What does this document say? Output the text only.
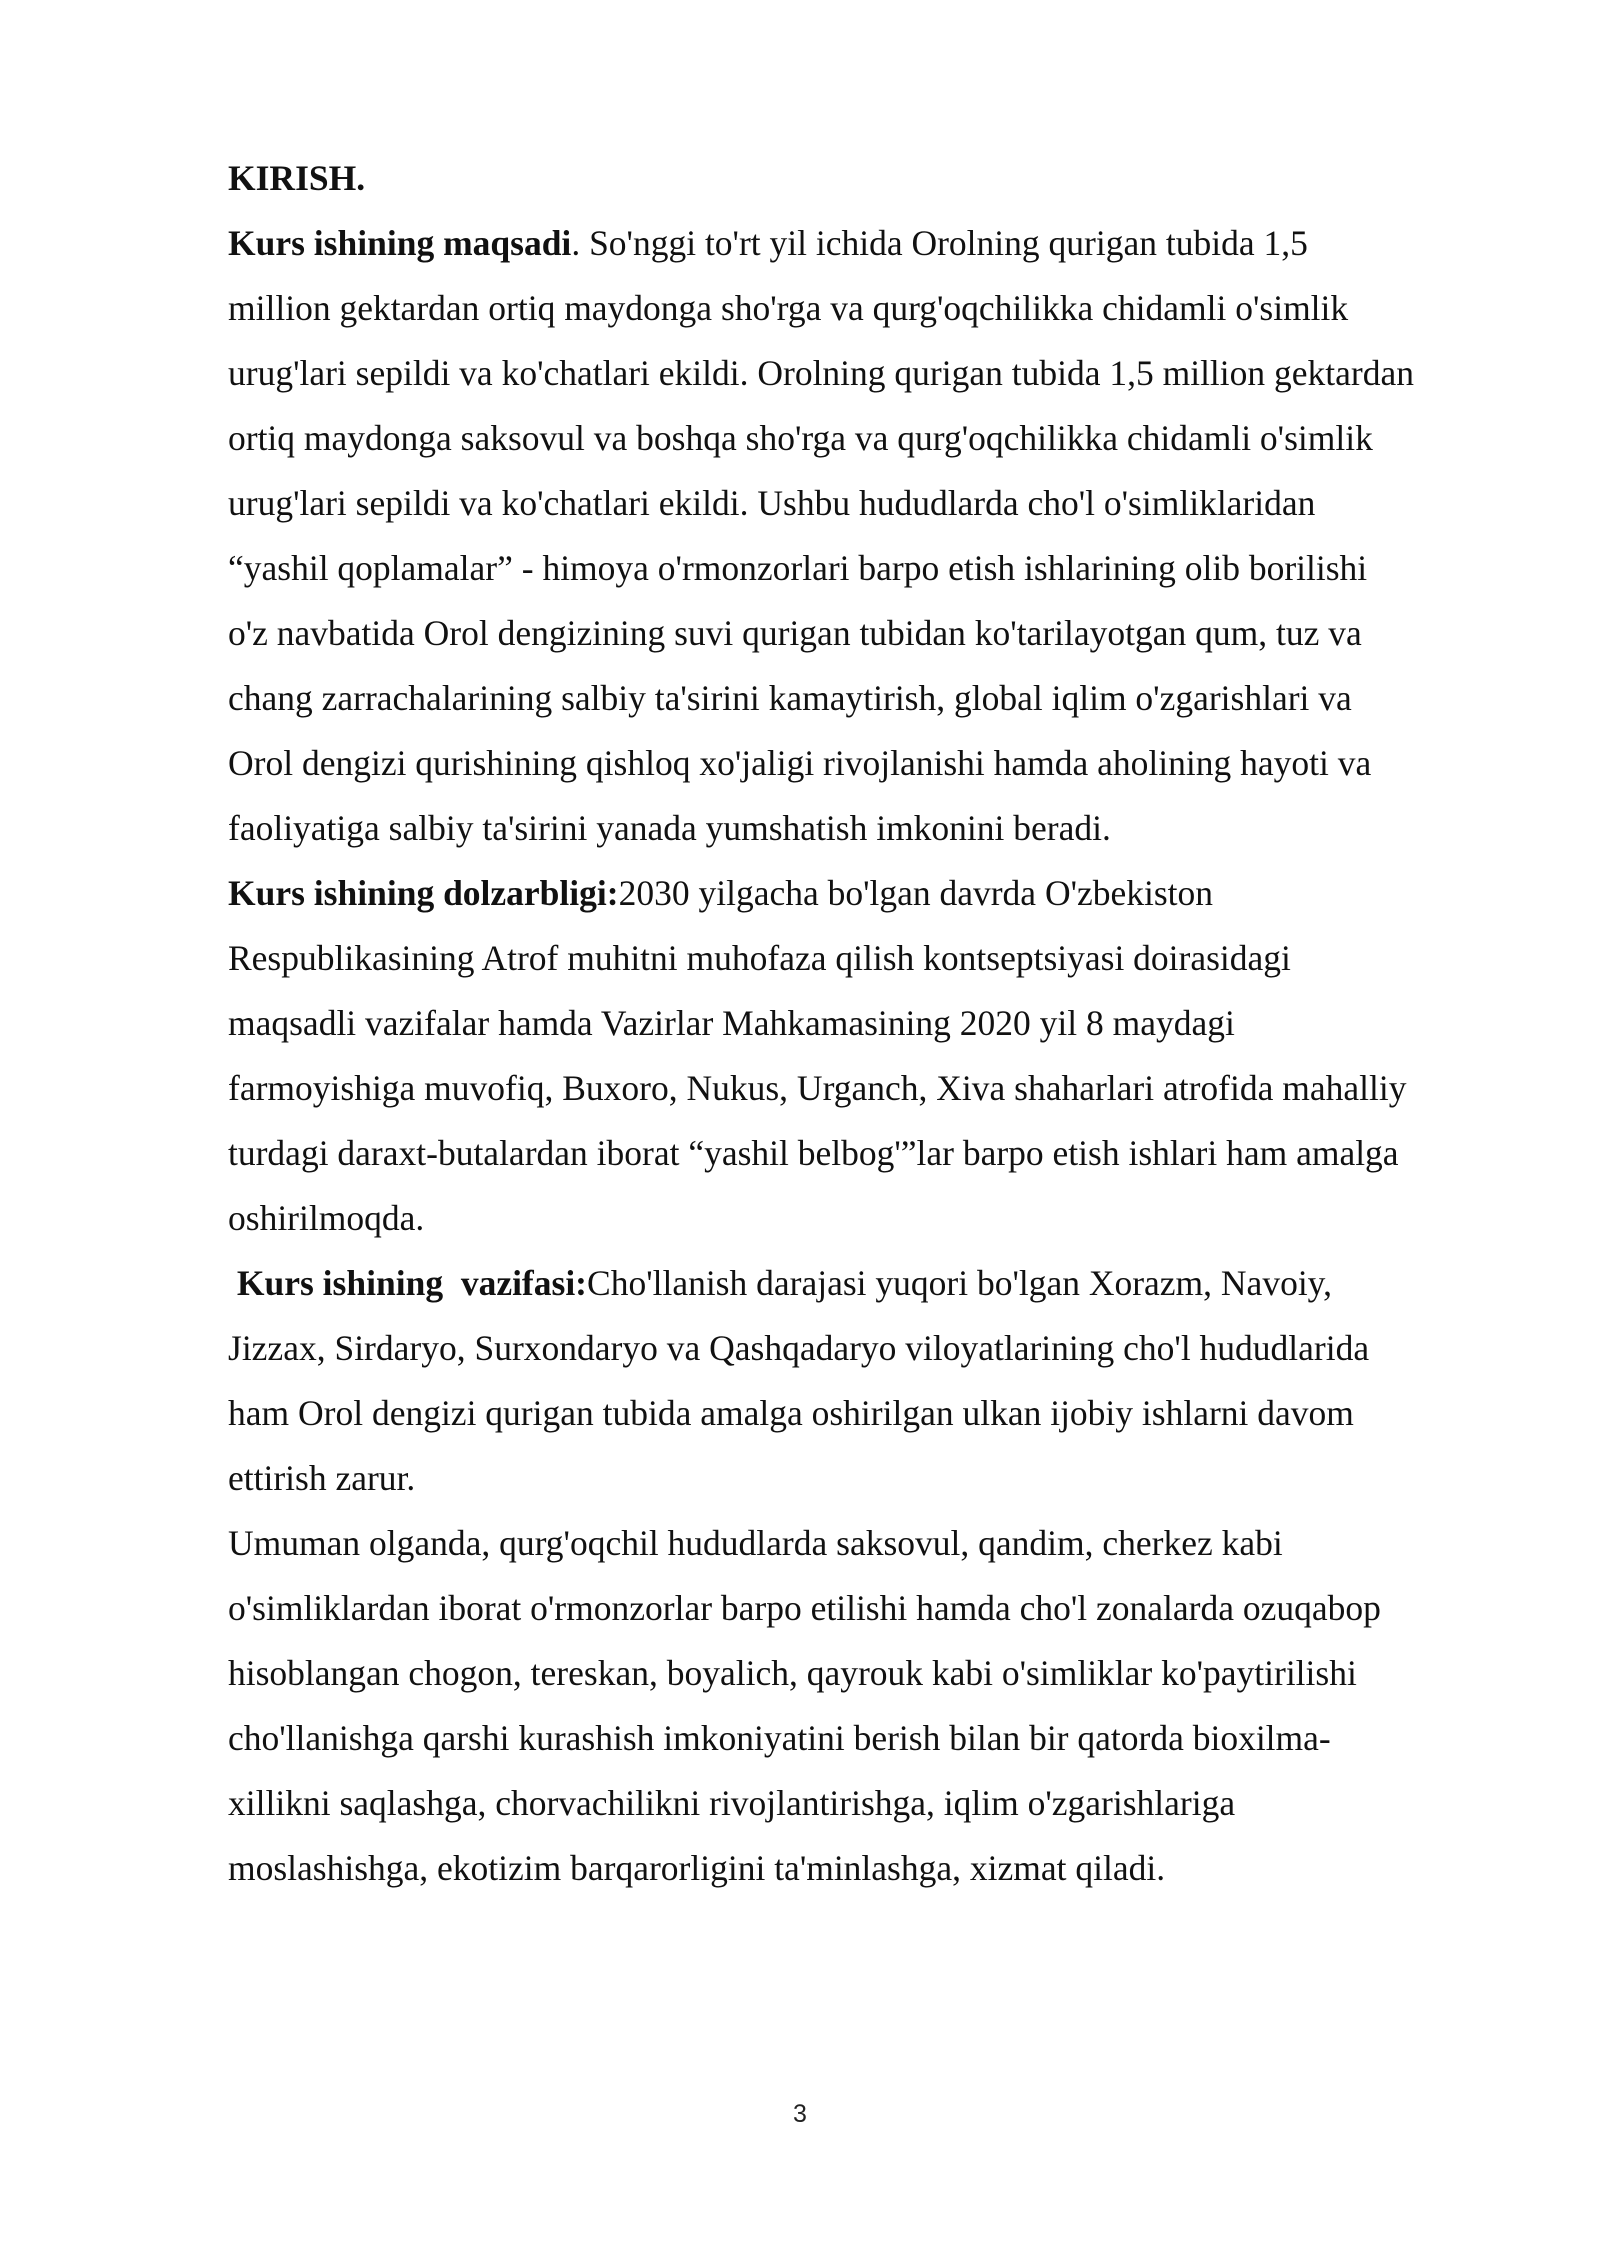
KIRISH.
Kurs ishining maqsadi. So'nggi to'rt yil ichida Orolning qurigan tubida 1,5
million gektardan ortiq maydonga sho'rga va qurg'oqchilikka chidamli o'simlik
urug'lari sepildi va ko'chatlari ekildi. Orolning qurigan tubida 1,5 million gektardan
ortiq maydonga saksovul va boshqa sho'rga va qurg'oqchilikka chidamli o'simlik
urug'lari sepildi va ko'chatlari ekildi. Ushbu hududlarda cho'l o'simliklaridan
“yashil qoplamalar” - himoya o'rmonzorlari barpo etish ishlarining olib borilishi
o'z navbatida Orol dengizining suvi qurigan tubidan ko'tarilayotgan qum, tuz va
chang zarrachalarining salbiy ta'sirini kamaytirish, global iqlim o'zgarishlari va
Orol dengizi qurishining qishloq xo'jaligi rivojlanishi hamda aholining hayoti va
faoliyatiga salbiy ta'sirini yanada yumshatish imkonini beradi.
Kurs ishining dolzarbligi:2030 yilgacha bo'lgan davrda O'zbekiston
Respublikasining Atrof muhitni muhofaza qilish kontseptsiyasi doirasidagi
maqsadli vazifalar hamda Vazirlar Mahkamasining 2020 yil 8 maydagi
farmoyishiga muvofiq, Buxoro, Nukus, Urganch, Xiva shaharlari atrofida mahalliy
turdagi daraxt-butalardan iborat “yashil belbog'”lar barpo etish ishlari ham amalga
oshirilmoqda.
Kurs ishining  vazifasi:Cho'llanish darajasi yuqori bo'lgan Xorazm, Navoiy,
Jizzax, Sirdaryo, Surxondaryo va Qashqadaryo viloyatlarining cho'l hududlarida
ham Orol dengizi qurigan tubida amalga oshirilgan ulkan ijobiy ishlarni davom
ettirish zarur.
Umuman olganda, qurg'oqchil hududlarda saksovul, qandim, cherkez kabi
o'simliklardan iborat o'rmonzorlar barpo etilishi hamda cho'l zonalarda ozuqabop
hisoblangan chogon, tereskan, boyalich, qayrouk kabi o'simliklar ko'paytirilishi
cho'llanishga qarshi kurashish imkoniyatini berish bilan bir qatorda bioxilma-
xillikni saqlashga, chorvachilikni rivojlantirishga, iqlim o'zgarishlariga
moslashishga, ekotizim barqarorligini ta'minlashga, xizmat qiladi.
3
